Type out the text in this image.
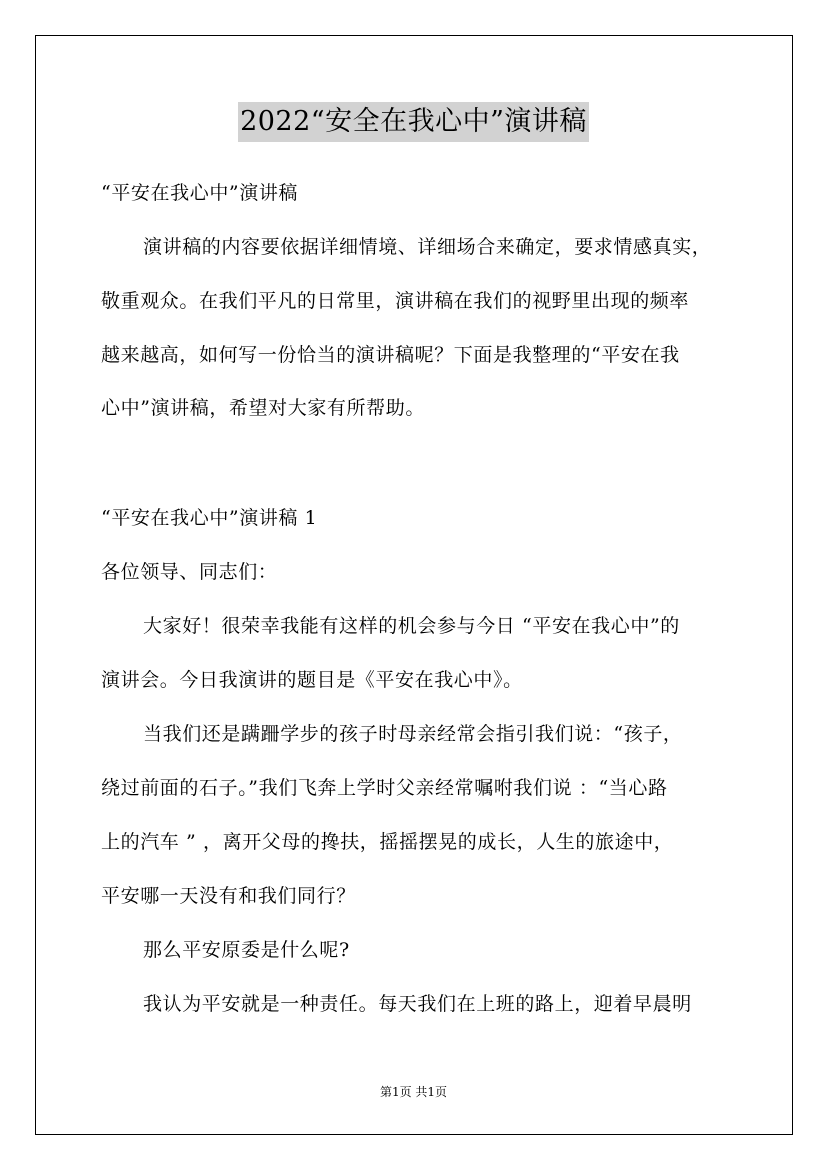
2022“安全在我心中”演讲稿
“平安在我心中”演讲稿
演讲稿的内容要依据详细情境、详细场合来确定，要求情感真实，
敬重观众。在我们平凡的日常里，演讲稿在我们的视野里出现的频率
越来越高，如何写一份恰当的演讲稿呢？下面是我整理的“平安在我
心中”演讲稿，希望对大家有所帮助。
“平安在我心中”演讲稿 1
各位领导、同志们：
大家好！很荣幸我能有这样的机会参与今日 “平安在我心中”的
演讲会。今日我演讲的题目是《平安在我心中》。
当我们还是蹒跚学步的孩子时母亲经常会指引我们说：“孩子，
绕过前面的石子。”我们飞奔上学时父亲经常嘱咐我们说 ：“当心路
上的汽车 ” ，离开父母的搀扶，摇摇摆晃的成长，人生的旅途中，
平安哪一天没有和我们同行？
那么平安原委是什么呢?
我认为平安就是一种责任。每天我们在上班的路上，迎着早晨明
第1页 共1页
